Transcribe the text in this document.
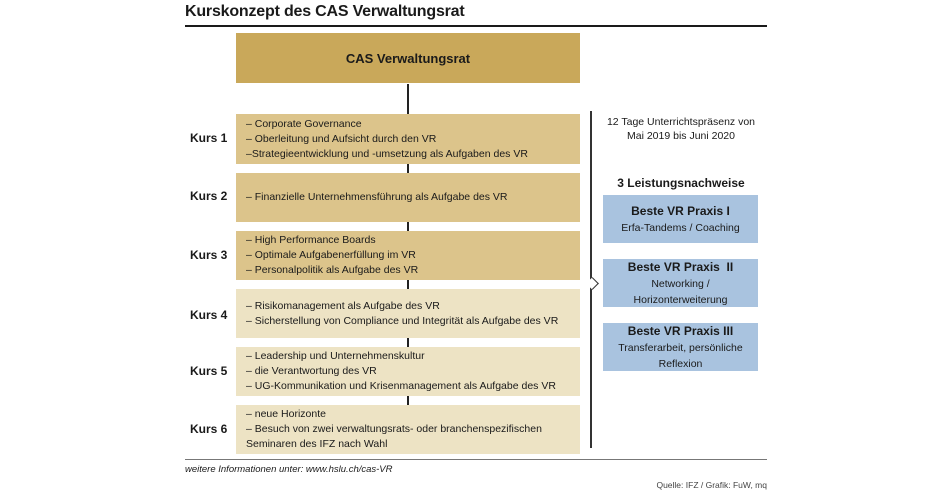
Kurskonzept des CAS Verwaltungsrat
CAS Verwaltungsrat
Kurs 1
– Corporate Governance
– Oberleitung und Aufsicht durch den VR
–Strategieentwicklung und -umsetzung als Aufgaben des VR
Kurs 2 – Finanzielle Unternehmensführung als Aufgabe des VR
Kurs 3
– High Performance Boards
– Optimale Aufgabenerfüllung im VR
– Personalpolitik als Aufgabe des VR
Kurs 4
– Risikomanagement als Aufgabe des VR
– Sicherstellung von Compliance und Integrität als Aufgabe des VR
Kurs 5
– Leadership und Unternehmenskultur
– die Verantwortung des VR
– UG-Kommunikation und Krisenmanagement als Aufgabe des VR
Kurs 6
– neue Horizonte
– Besuch von zwei verwaltungsrats- oder branchenspezifischen
Seminaren des IFZ nach Wahl
12 Tage Unterrichtspräsenz von
Mai 2019 bis Juni 2020
3 Leistungsnachweise
Beste VR Praxis I
Erfa-Tandems / Coaching
Beste VR Praxis  II
Networking / Horizonterweiterung
Beste VR Praxis III
Transferarbeit, persönliche Reflexion
weitere Informationen unter: www.hslu.ch/cas-VR
Quelle: IFZ / Grafik: FuW, mq
